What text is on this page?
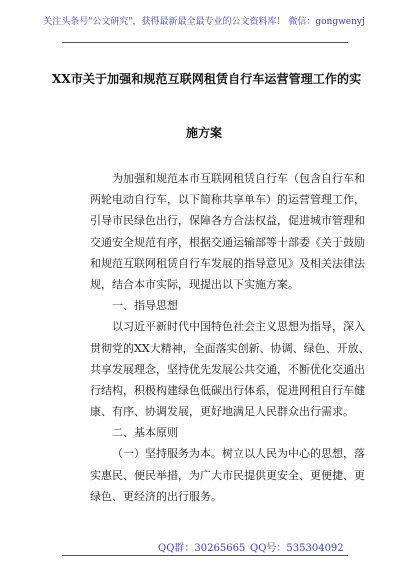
关注头条号"公文研究"，获得最新最全最专业的公文资料库！ 微信：gongwenyj
XX市关于加强和规范互联网租赁自行车运营管理工作的实
施方案
为加强和规范本市互联网租赁自行车（包含自行车和
两轮电动自行车，以下简称共享单车）的运营管理工作，
引导市民绿色出行，保障各方合法权益，促进城市管理和
交通安全规范有序，根据交通运输部等十部委《关于鼓励
和规范互联网租赁自行车发展的指导意见》及相关法律法
规，结合本市实际，现提出以下实施方案。
一、指导思想
以习近平新时代中国特色社会主义思想为指导，深入
贯彻党的XX大精神，全面落实创新、协调、绿色、开放、
共享发展理念，坚持优先发展公共交通，不断优化交通出
行结构，积极构建绿色低碳出行体系，促进网租自行车健
康、有序、协调发展，更好地满足人民群众出行需求。
二、基本原则
（一）坚持服务为本。树立以人民为中心的思想，落
实惠民、便民举措，为广大市民提供更安全、更便捷、更
绿色、更经济的出行服务。
QQ群：30265665 QQ号：535304092
